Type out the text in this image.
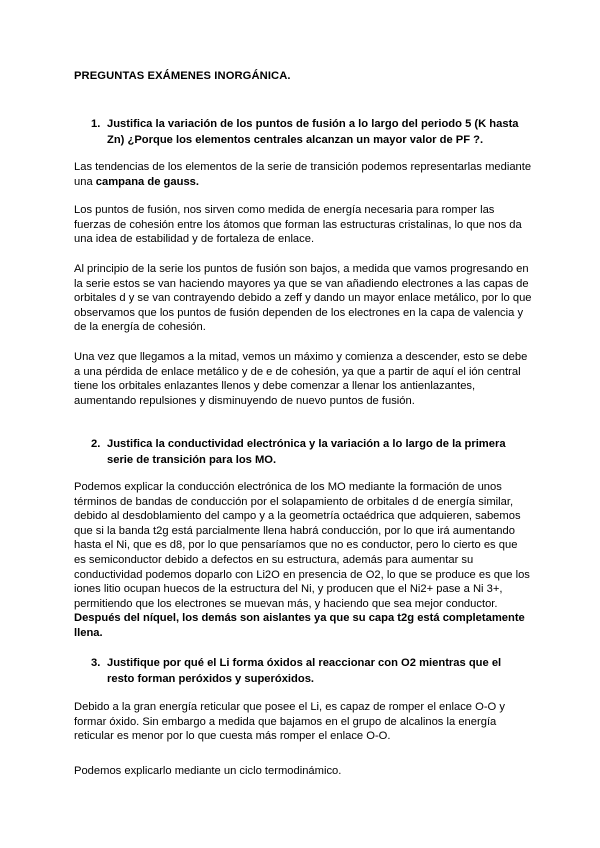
PREGUNTAS EXÁMENES INORGÁNICA.
1. Justifica la variación de los puntos de fusión a lo largo del periodo 5 (K hasta Zn) ¿Porque los elementos centrales alcanzan un mayor valor de PF ?.
Las tendencias de los elementos de la serie de transición podemos representarlas mediante una campana de gauss.
Los puntos de fusión, nos sirven como medida de energía necesaria para romper las fuerzas de cohesión entre los átomos que forman las estructuras cristalinas, lo que nos da una idea de estabilidad y de fortaleza de enlace.
Al principio de la serie los puntos de fusión son bajos, a medida que vamos progresando en la serie estos se van haciendo mayores ya que se van añadiendo electrones a las capas de orbitales d y se van contrayendo debido a zeff y dando un mayor enlace metálico, por lo que observamos que los puntos de fusión dependen de los electrones en la capa de valencia y de la energía de cohesión.
Una vez que llegamos a la mitad, vemos un máximo y comienza a descender, esto se debe a una pérdida de enlace metálico y de e de cohesión, ya que a partir de aquí el ión central tiene los orbitales enlazantes llenos y debe comenzar a llenar los antienlazantes, aumentando repulsiones y disminuyendo de nuevo puntos de fusión.
2. Justifica la conductividad electrónica y la variación a lo largo de la primera serie de transición para los MO.
Podemos explicar la conducción electrónica de los MO mediante la formación de unos términos de bandas de conducción por el solapamiento de orbitales d de energía similar, debido al desdoblamiento del campo y a la geometría octaédrica que adquieren, sabemos que si la banda t2g está parcialmente llena habrá conducción, por lo que irá aumentando hasta el Ni, que es d8, por lo que pensaríamos que no es conductor, pero lo cierto es que es semiconductor debido a defectos en su estructura, además para aumentar su conductividad podemos doparlo con Li2O en presencia de O2, lo que se produce es que los iones litio ocupan huecos de la estructura del Ni, y producen que el Ni2+ pase a Ni 3+, permitiendo que los electrones se muevan más, y haciendo que sea mejor conductor. Después del níquel, los demás son aislantes ya que su capa t2g está completamente llena.
3. Justifique por qué el Li forma óxidos al reaccionar con O2 mientras que el resto forman peróxidos y superóxidos.
Debido a la gran energía reticular que posee el Li, es capaz de romper el enlace O-O y formar óxido. Sin embargo a medida que bajamos en el grupo de alcalinos la energía reticular es menor por lo que cuesta más romper el enlace O-O.
Podemos explicarlo mediante un ciclo termodinámico.
